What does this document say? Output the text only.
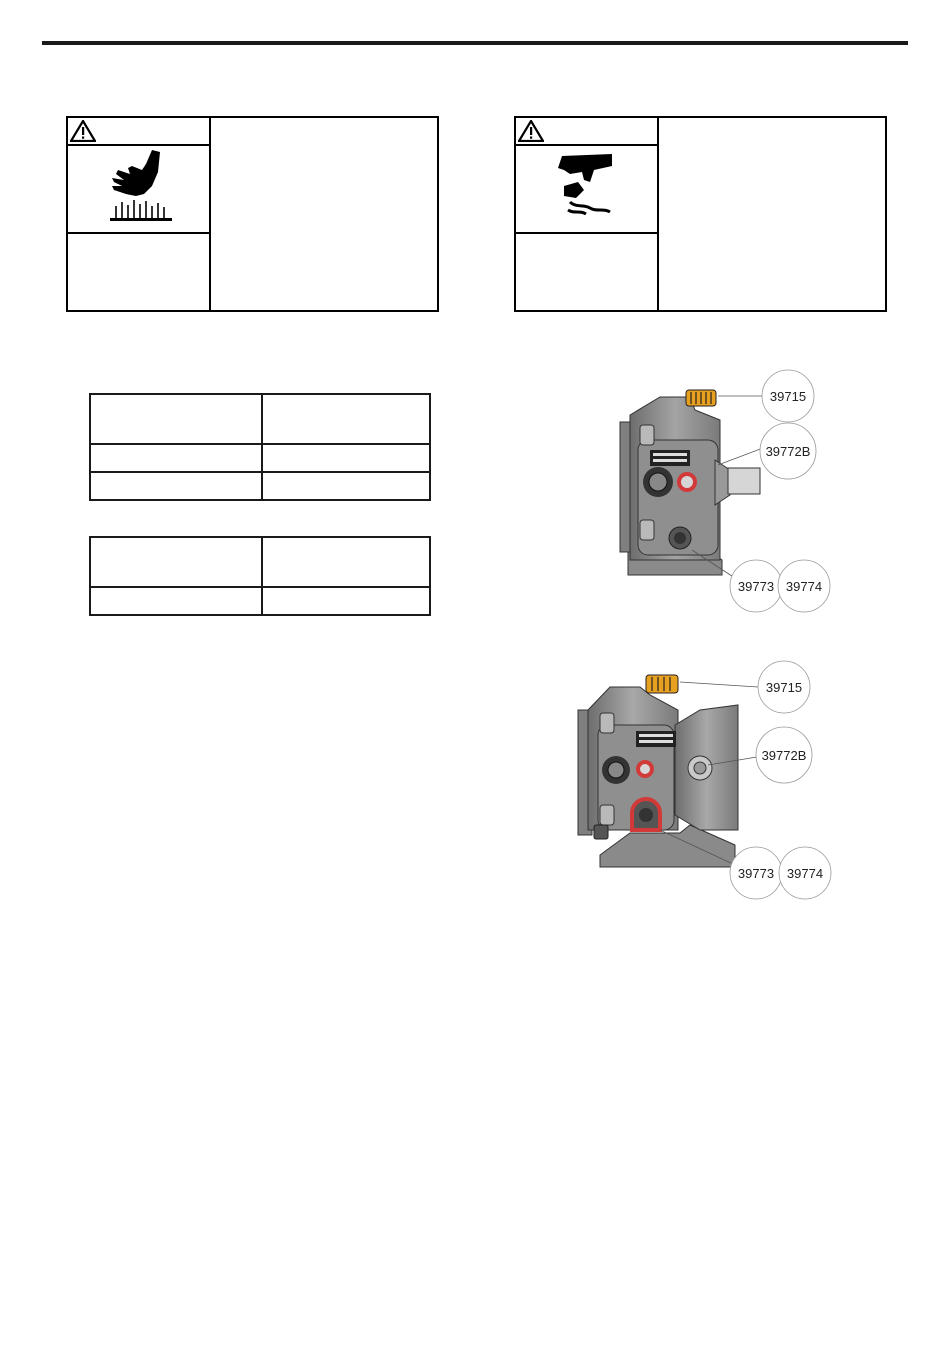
39715
39772B
39773 39774
39715
39772B
39773 39774
